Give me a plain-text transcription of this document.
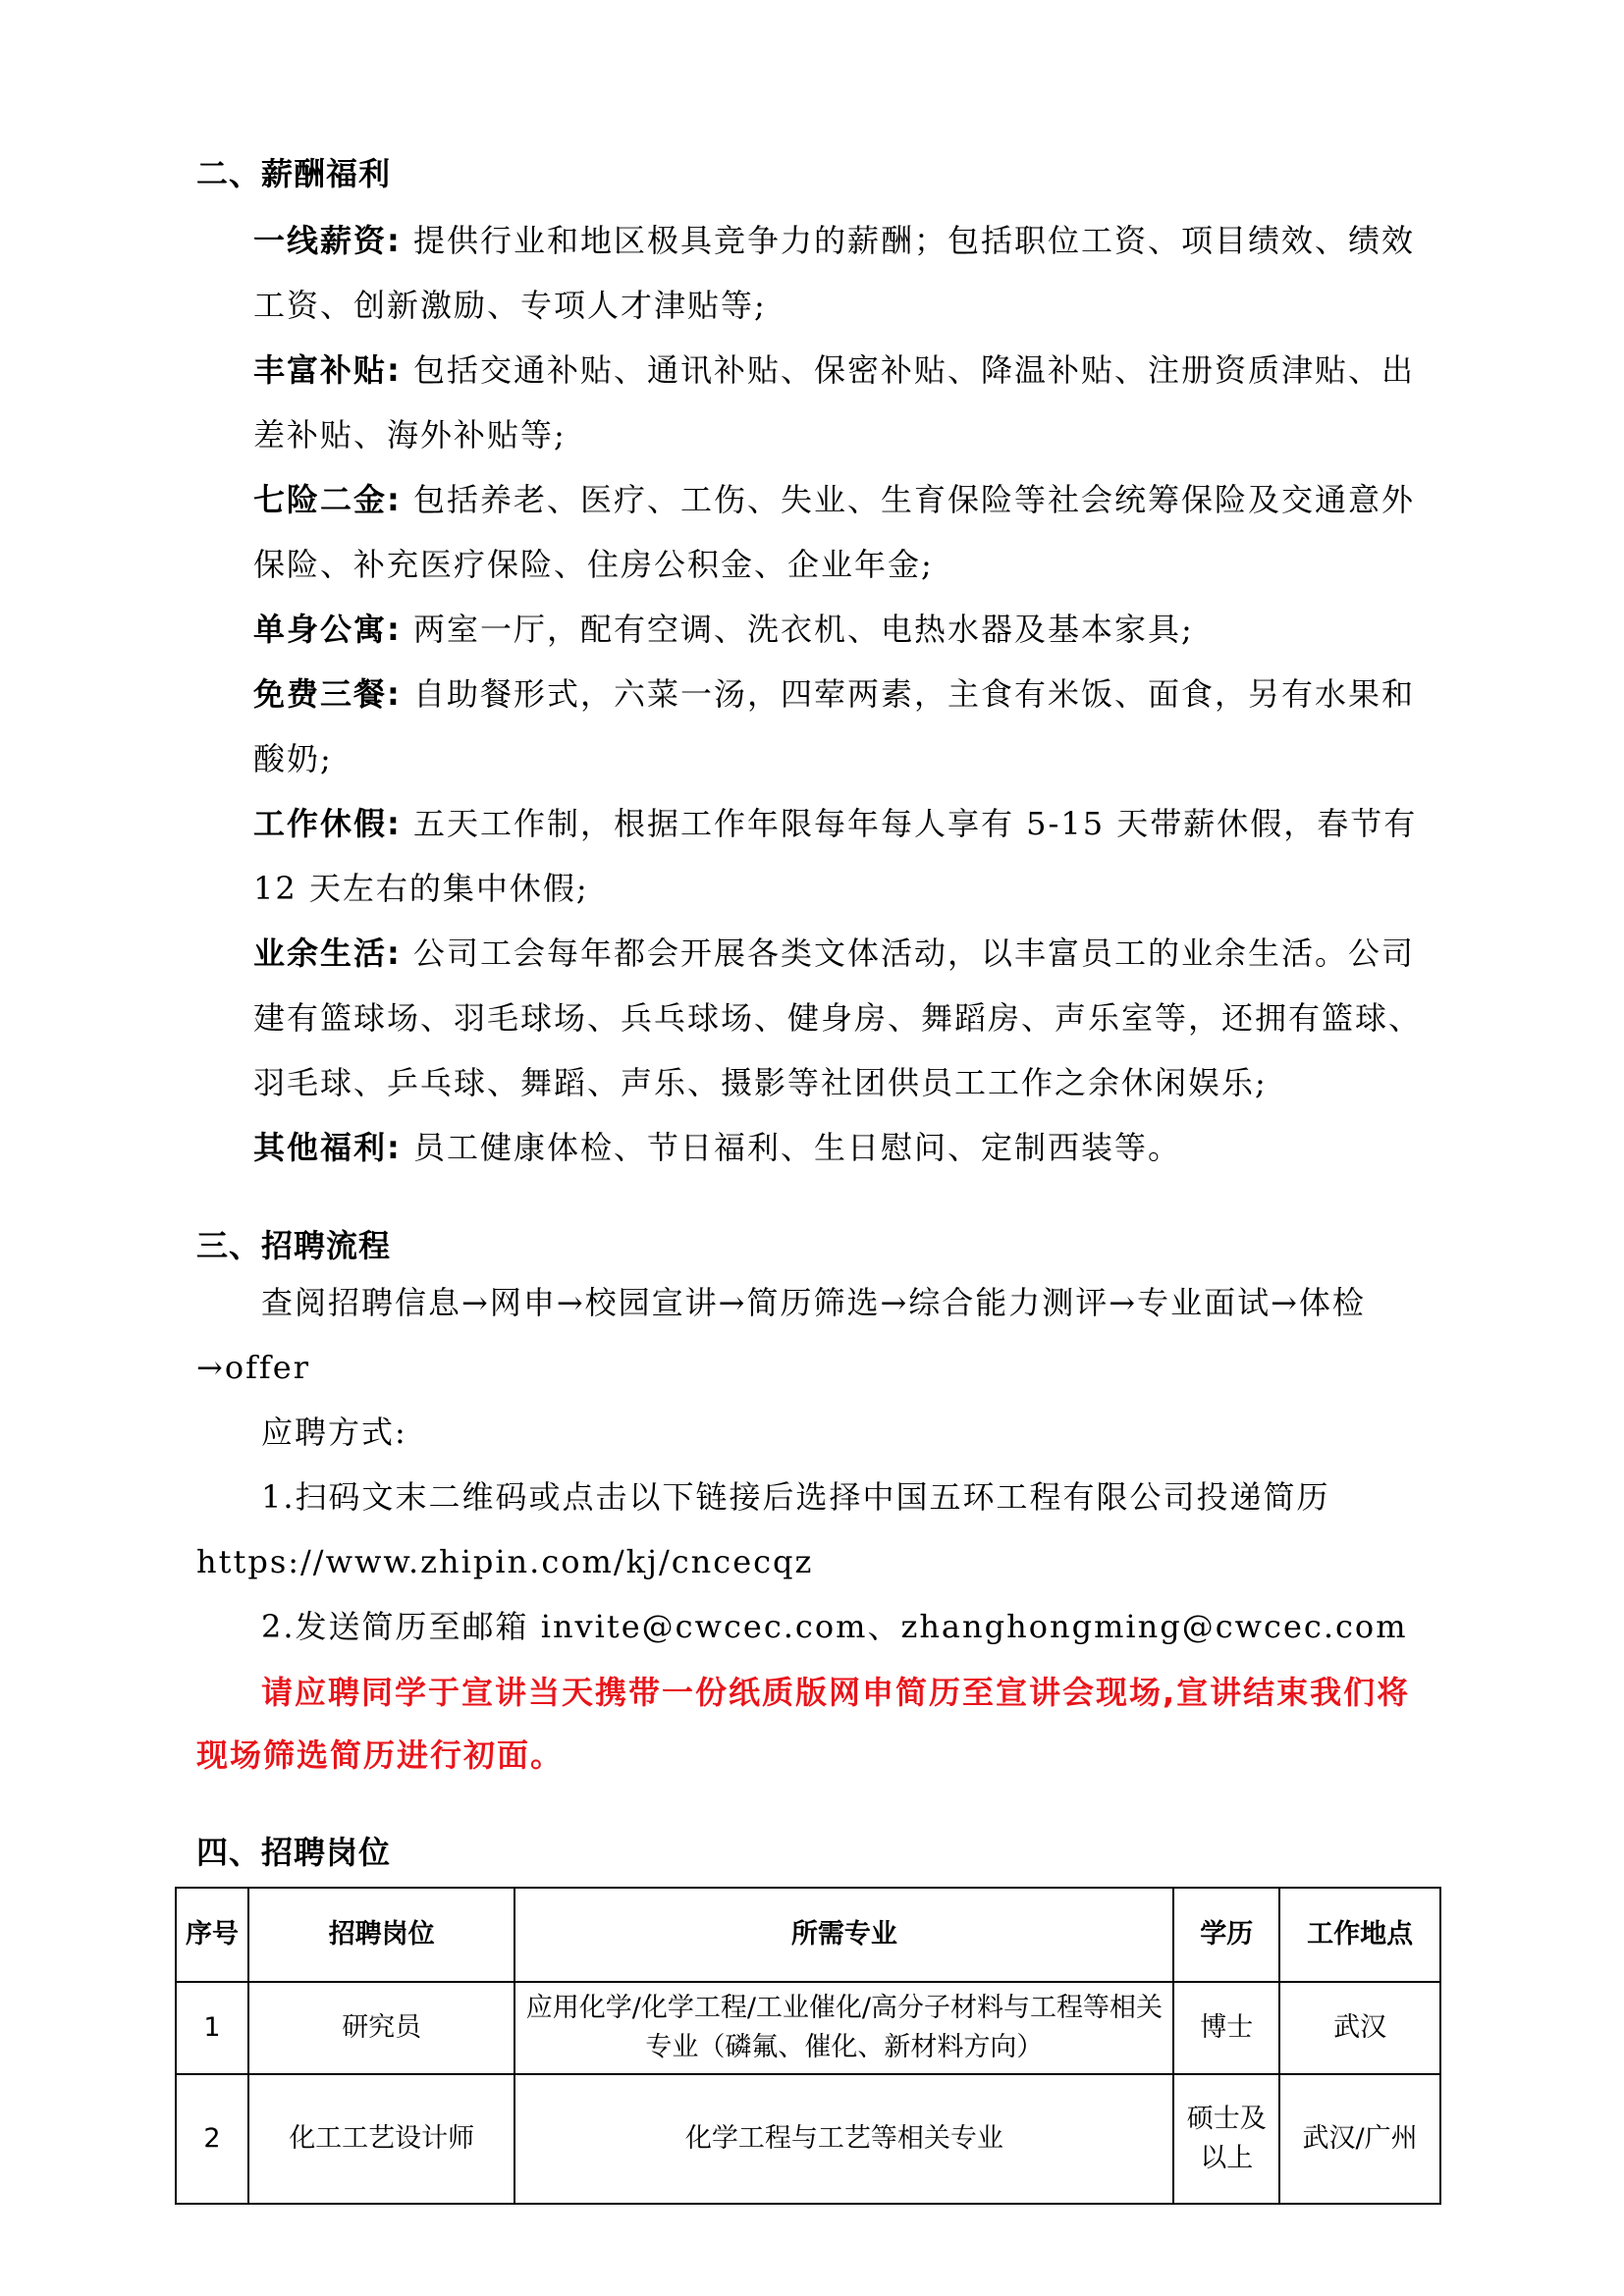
二、薪酬福利
一线薪资: 提供行业和地区极具竞争力的薪酬；包括职位工资、项目绩效、绩效工资、创新激励、专项人才津贴等;
丰富补贴: 包括交通补贴、通讯补贴、保密补贴、降温补贴、注册资质津贴、出差补贴、海外补贴等;
七险二金: 包括养老、医疗、工伤、失业、生育保险等社会统筹保险及交通意外保险、补充医疗保险、住房公积金、企业年金;
单身公寓: 两室一厅，配有空调、洗衣机、电热水器及基本家具;
免费三餐: 自助餐形式，六菜一汤，四荤两素，主食有米饭、面食，另有水果和酸奶;
工作休假: 五天工作制，根据工作年限每年每人享有 5-15 天带薪休假，春节有 12 天左右的集中休假;
业余生活: 公司工会每年都会开展各类文体活动，以丰富员工的业余生活。公司建有篮球场、羽毛球场、兵乓球场、健身房、舞蹈房、声乐室等，还拥有篮球、羽毛球、乒乓球、舞蹈、声乐、摄影等社团供员工工作之余休闲娱乐;
其他福利: 员工健康体检、节日福利、生日慰问、定制西装等。
三、招聘流程
查阅招聘信息→网申→校园宣讲→简历筛选→综合能力测评→专业面试→体检→offer
应聘方式:
1.扫码文末二维码或点击以下链接后选择中国五环工程有限公司投递简历 https://www.zhipin.com/kj/cncecqz
2.发送简历至邮箱 invite@cwcec.com、zhanghongming@cwcec.com
请应聘同学于宣讲当天携带一份纸质版网申简历至宣讲会现场,宣讲结束我们将现场筛选简历进行初面。
四、招聘岗位
序号	招聘岗位	所需专业	学历	工作地点
1	研究员	应用化学/化学工程/工业催化/高分子材料与工程等相关专业（磷氟、催化、新材料方向）	博士	武汉
2	化工工艺设计师	化学工程与工艺等相关专业	硕士及以上	武汉/广州
